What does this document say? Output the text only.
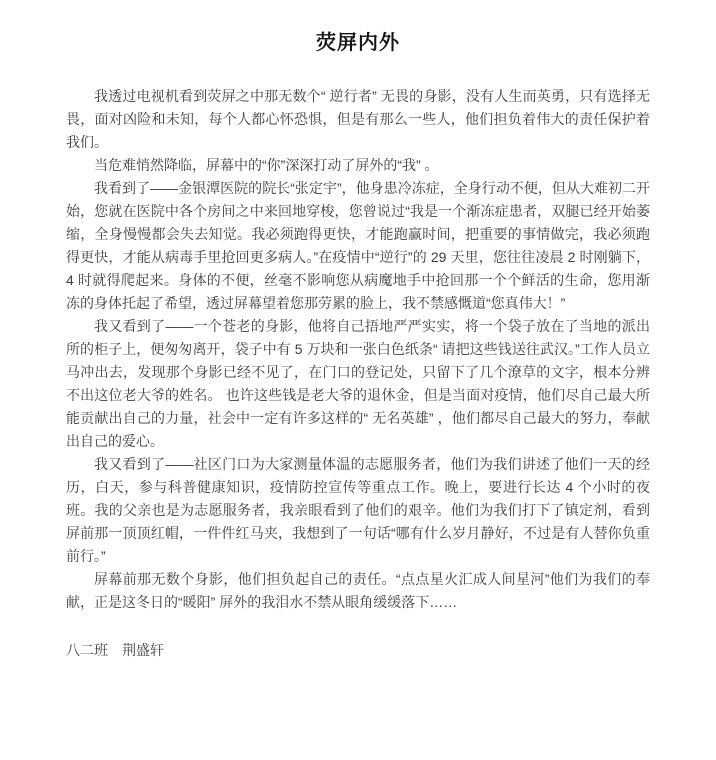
荧屏内外

我透过电视机看到荧屏之中那无数个“ 逆行者” 无畏的身影，没有人生而英勇，只有选择无畏，面对凶险和未知，每个人都心怀恐惧，但是有那么一些人，他们担负着伟大的责任保护着我们。

当危难悄然降临，屏幕中的“你”深深打动了屏外的“我” 。

我看到了——金银潭医院的院长“张定宇”，他身患冷冻症，全身行动不便，但从大难初二开始，您就在医院中各个房间之中来回地穿梭，您曾说过“我是一个渐冻症患者，双腿已经开始萎缩，全身慢慢都会失去知觉。我必须跑得更快，才能跑赢时间，把重要的事情做完，我必须跑得更快，才能从病毒手里抢回更多病人。”在疫情中“逆行”的 29 天里，您往往凌晨 2 时刚躺下，4 时就得爬起来。身体的不便，丝毫不影响您从病魔地手中抢回那一个个鲜活的生命，您用渐冻的身体托起了希望，透过屏幕望着您那劳累的脸上，我不禁感慨道“您真伟大！”

我又看到了——一个苍老的身影，他将自己捂地严严实实，将一个袋子放在了当地的派出所的柜子上，便匆匆离开，袋子中有 5 万块和一张白色纸条“ 请把这些钱送往武汉。”工作人员立马冲出去，发现那个身影已经不见了，在门口的登记处，只留下了几个潦草的文字，根本分辨不出这位老大爷的姓名。 也许这些钱是老大爷的退休金，但是当面对疫情，他们尽自己最大所能贡献出自己的力量，社会中一定有许多这样的“ 无名英雄” ，他们都尽自己最大的努力，奉献出自己的爱心。

我又看到了——社区门口为大家测量体温的志愿服务者，他们为我们讲述了他们一天的经历，白天，参与科普健康知识，疫情防控宣传等重点工作。晚上，要进行长达 4 个小时的夜班。我的父亲也是为志愿服务者，我亲眼看到了他们的艰辛。他们为我们打下了镇定剂，看到屏前那一顶顶红帽，一件件红马夹，我想到了一句话“哪有什么岁月静好，不过是有人替你负重前行。”

屏幕前那无数个身影，他们担负起自己的责任。“点点星火汇成人间星河”他们为我们的奉献，正是这冬日的“暖阳” 屏外的我泪水不禁从眼角缓缓落下……

八二班　荆盛轩
